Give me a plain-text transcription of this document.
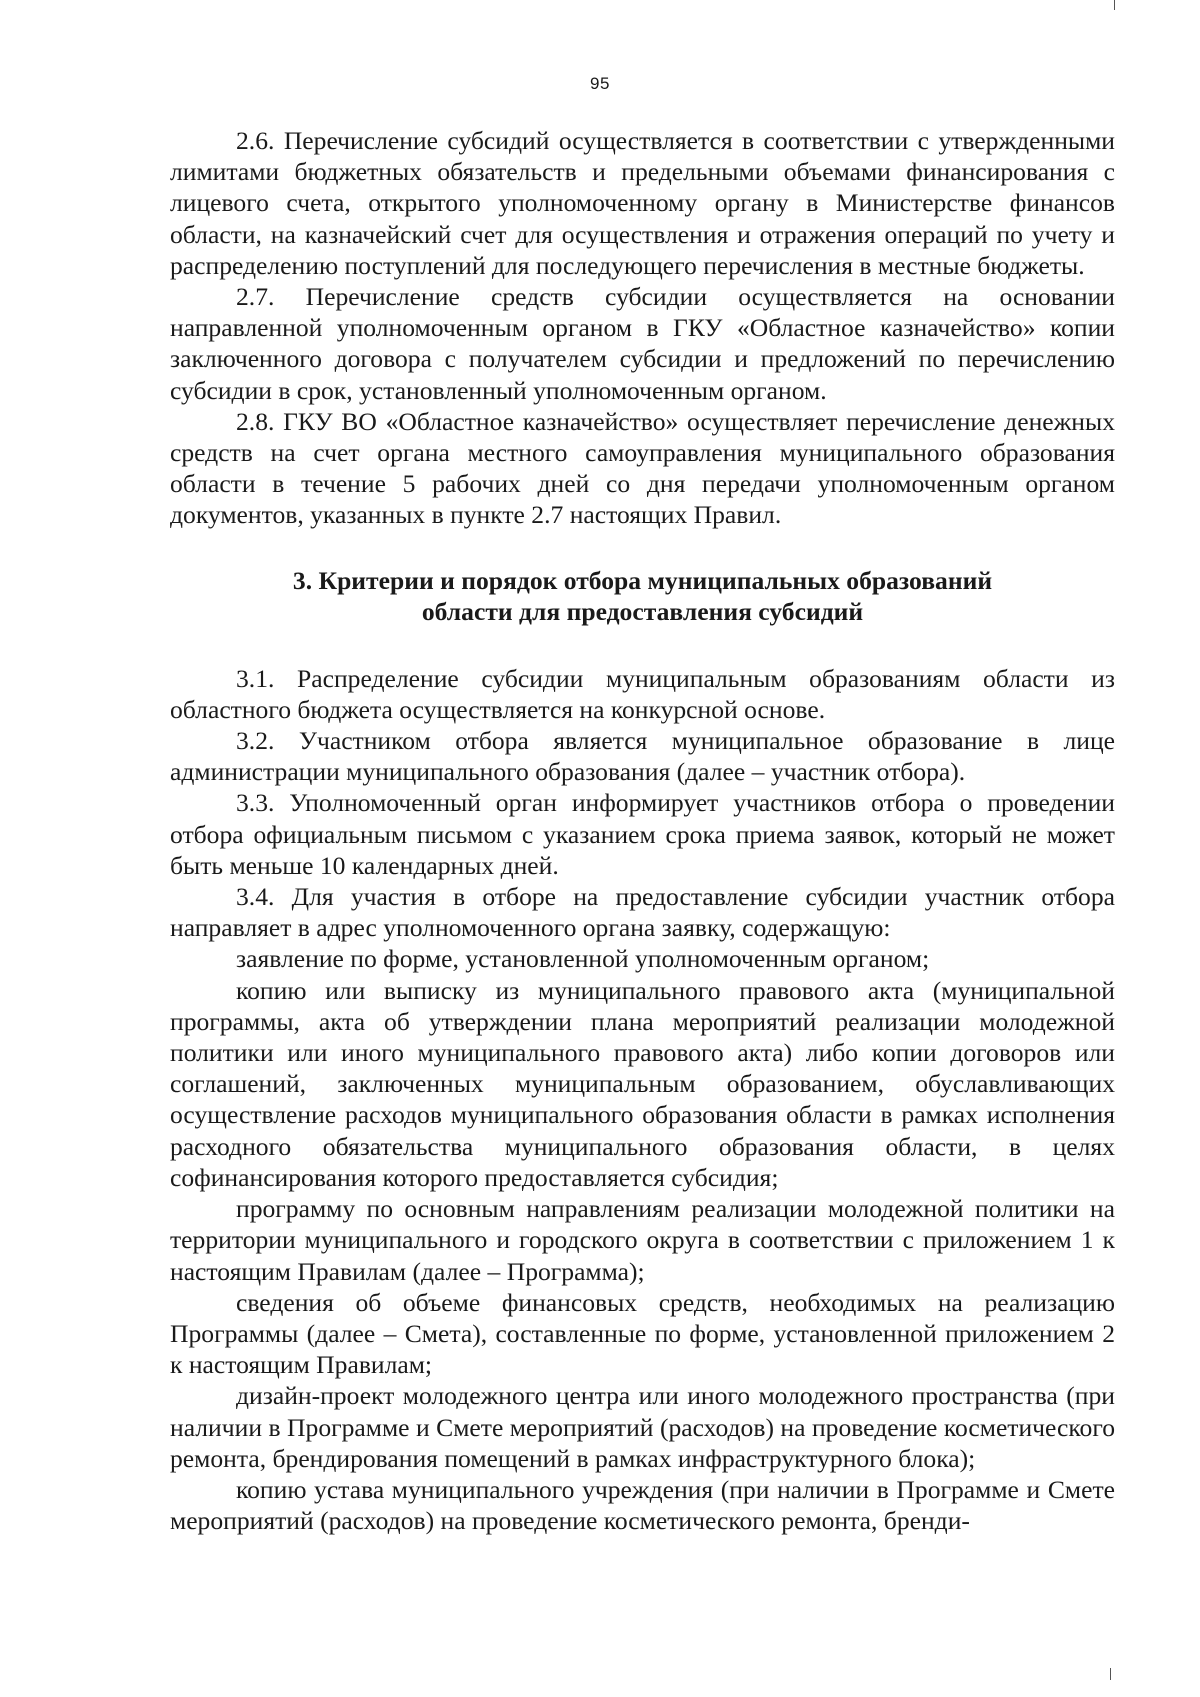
95

2.6. Перечисление субсидий осуществляется в соответствии с утвержденными лимитами бюджетных обязательств и предельными объемами финансирования с лицевого счета, открытого уполномоченному органу в Министерстве финансов области, на казначейский счет для осуществления и отражения операций по учету и распределению поступлений для последующего перечисления в местные бюджеты.

2.7. Перечисление средств субсидии осуществляется на основании направленной уполномоченным органом в ГКУ «Областное казначейство» копии заключенного договора с получателем субсидии и предложений по перечислению субсидии в срок, установленный уполномоченным органом.

2.8. ГКУ ВО «Областное казначейство» осуществляет перечисление денежных средств на счет органа местного самоуправления муниципального образования области в течение 5 рабочих дней со дня передачи уполномоченным органом документов, указанных в пункте 2.7 настоящих Правил.

3. Критерии и порядок отбора муниципальных образований
области для предоставления субсидий

3.1. Распределение субсидии муниципальным образованиям области из областного бюджета осуществляется на конкурсной основе.

3.2. Участником отбора является муниципальное образование в лице администрации муниципального образования (далее – участник отбора).

3.3. Уполномоченный орган информирует участников отбора о проведении отбора официальным письмом с указанием срока приема заявок, который не может быть меньше 10 календарных дней.

3.4. Для участия в отборе на предоставление субсидии участник отбора направляет в адрес уполномоченного органа заявку, содержащую:

заявление по форме, установленной уполномоченным органом;

копию или выписку из муниципального правового акта (муниципальной программы, акта об утверждении плана мероприятий реализации молодежной политики или иного муниципального правового акта) либо копии договоров или соглашений, заключенных муниципальным образованием, обуславливающих осуществление расходов муниципального образования области в рамках исполнения расходного обязательства муниципального образования области, в целях софинансирования которого предоставляется субсидия;

программу по основным направлениям реализации молодежной политики на территории муниципального и городского округа в соответствии с приложением 1 к настоящим Правилам (далее – Программа);

сведения об объеме финансовых средств, необходимых на реализацию Программы (далее – Смета), составленные по форме, установленной приложением 2 к настоящим Правилам;

дизайн-проект молодежного центра или иного молодежного пространства (при наличии в Программе и Смете мероприятий (расходов) на проведение косметического ремонта, брендирования помещений в рамках инфраструктурного блока);

копию устава муниципального учреждения (при наличии в Программе и Смете мероприятий (расходов) на проведение косметического ремонта, бренди-
